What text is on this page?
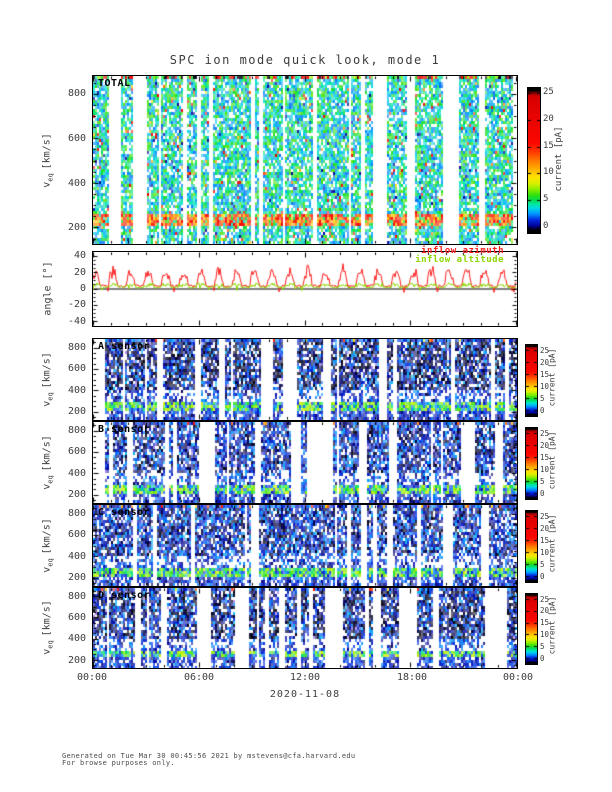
SPC ion mode quick look, mode 1
TOTAL
inflow azimuth
inflow altitude
A sensor
B sensor
C sensor
D sensor
$v_{eq}[km/s]$
angle [°]
$v_{eq}[km/s]$
$v_{eq}[km/s]$
$v_{eq}[km/s]$
$v_{eq}[km/s]$
current [pA]
current [pA]
current [pA]
current [pA]
current [pA]
2020-11-08
Generated on Tue Mar 30 00:45:56 2021 by mstevens@cfa.harvard.edu
For browse purposes only.
200
400
600
800
200
400
600
800
200
400
600
800
200
400
600
800
200
400
600
800
-40
-20
0
20
40
00:00	06:00	12:00	18:00	00:00
0
5
10
15
20
25
0
5
10
15
20
25
0
5
10
15
20
25
0
5
10
15
20
25
0
5
10
15
20
25
